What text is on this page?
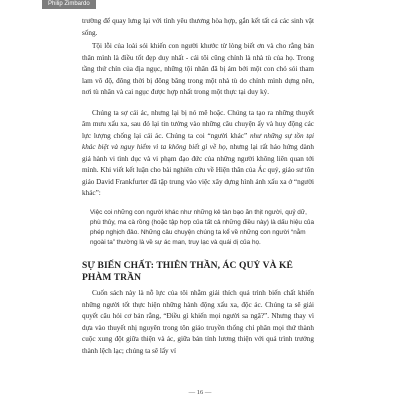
Philip Zimbardo

trường để quay lưng lại với tình yêu thương hòa hợp, gắn kết tất cả các sinh vật sống.

Tội lỗi của loài sói khiến con người khước từ lòng biết ơn và cho rằng bản thân mình là điều tốt đẹp duy nhất - cái tôi cũng chính là nhà tù của họ. Trong tầng thứ chín của địa ngục, những tội nhân đã bị ám bởi một con chó sói tham lam vô độ, đông thời bị đông băng trong một nhà tù do chính mình dựng nên, nơi tù nhân và cai ngục được hợp nhất trong một thực tại duy kỷ.

Chúng ta sợ cái ác, nhưng lại bị nó mê hoặc. Chúng ta tạo ra những thuyết âm mưu xấu xa, sau đó lại tin tưởng vào những câu chuyện ấy và huy động các lực lượng chống lại cái ác. Chúng ta coi “người khác” như những sự tồn tại khác biệt và nguy hiểm vì ta không biết gì về họ, nhưng lại rất háo hứng dành giả hành vi tình dục và vi phạm đạo đức của những người không liên quan tới mình. Khi viết kết luận cho bài nghiên cứu về Hiện thân của Ác quỷ, giáo sư tôn giáo David Frankfurter đã tập trung vào việc xây dựng hình ảnh xấu xa ở “người khác”:

Việc coi những con người khác như những kẻ tàn bạo ăn thịt người, quỷ dữ, phù thủy, ma cà rồng (hoặc tập hợp của tất cả những điều này) là dấu hiệu của phép nghịch đảo. Những câu chuyện chúng ta kể về những con người “nằm ngoài ta” thường là về sự ác man, truy lạc và quái dị của họ.
SỰ BIẾN CHẤT: THIÊN THẦN, ÁC QUỶ VÀ KẺ PHÀM TRẦN

Cuốn sách này là nỗ lực của tôi nhằm giải thích quá trình biến chất khiến những người tốt thực hiện những hành động xấu xa, độc ác. Chúng ta sẽ giải quyết câu hỏi cơ bản rằng, “Điều gì khiến mọi người sa ngã?”. Nhưng thay vì dựa vào thuyết nhị nguyên trong tôn giáo truyền thống chỉ phân mọi thứ thành cuộc xung đột giữa thiện và ác, giữa bản tính lương thiện với quá trình trưởng thành lệch lạc; chúng ta sẽ lấy ví

— 16 —
